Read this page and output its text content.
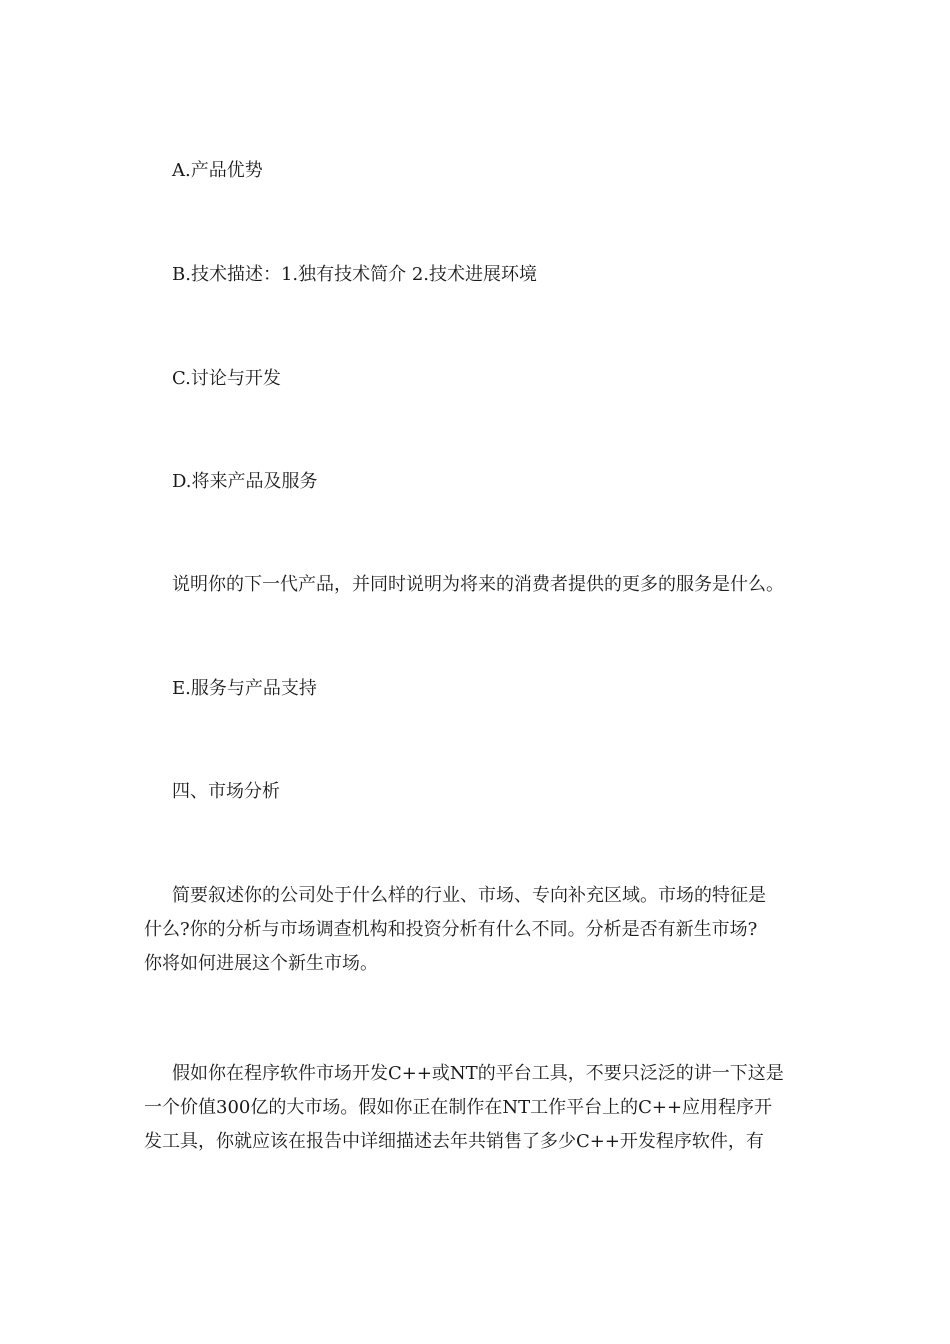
A.产品优势
B.技术描述：1.独有技术简介 2.技术进展环境
C.讨论与开发
D.将来产品及服务
说明你的下一代产品，并同时说明为将来的消费者提供的更多的服务是什么。
E.服务与产品支持
四、市场分析
简要叙述你的公司处于什么样的行业、市场、专向补充区域。市场的特征是
什么?你的分析与市场调查机构和投资分析有什么不同。分析是否有新生市场?
你将如何进展这个新生市场。
假如你在程序软件市场开发C++或NT的平台工具，不要只泛泛的讲一下这是
一个价值300亿的大市场。假如你正在制作在NT工作平台上的C++应用程序开
发工具，你就应该在报告中详细描述去年共销售了多少C++开发程序软件，有
